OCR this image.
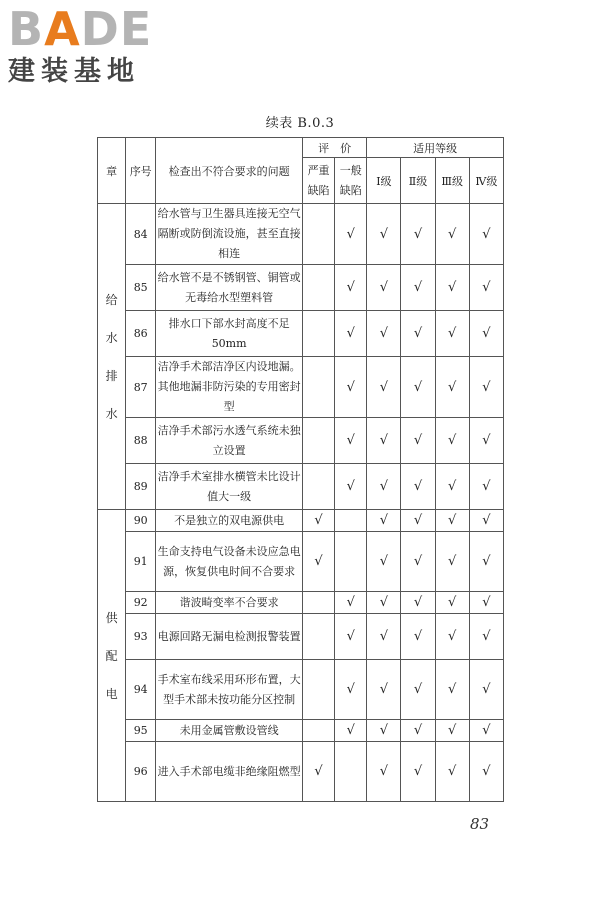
BADE
建装基地
续表 B.0.3
章	序号	检查出不符合要求的问题	评　价		适用等级			
			严重缺陷	一般缺陷	Ⅰ级	Ⅱ级	Ⅲ级	Ⅳ级
给水排水	84	给水管与卫生器具连接无空气隔断或防倒流设施，甚至直接相连		√	√	√	√	√
	85	给水管不是不锈钢管、铜管或无毒给水型塑料管		√	√	√	√	√
	86	排水口下部水封高度不足 50mm		√	√	√	√	√
	87	洁净手术部洁净区内设地漏。其他地漏非防污染的专用密封型		√	√	√	√	√
	88	洁净手术部污水透气系统未独立设置		√	√	√	√	√
	89	洁净手术室排水横管未比设计值大一级		√	√	√	√	√
供配电	90	不是独立的双电源供电	√		√	√	√	√
	91	生命支持电气设备未设应急电源，恢复供电时间不合要求	√		√	√	√	√
	92	谐波畸变率不合要求		√	√	√	√	√
	93	电源回路无漏电检测报警装置		√	√	√	√	√
	94	手术室布线采用环形布置，大型手术部未按功能分区控制		√	√	√	√	√
	95	未用金属管敷设管线		√	√	√	√	√
	96	进入手术部电缆非绝缘阻燃型	√		√	√	√	√
83
